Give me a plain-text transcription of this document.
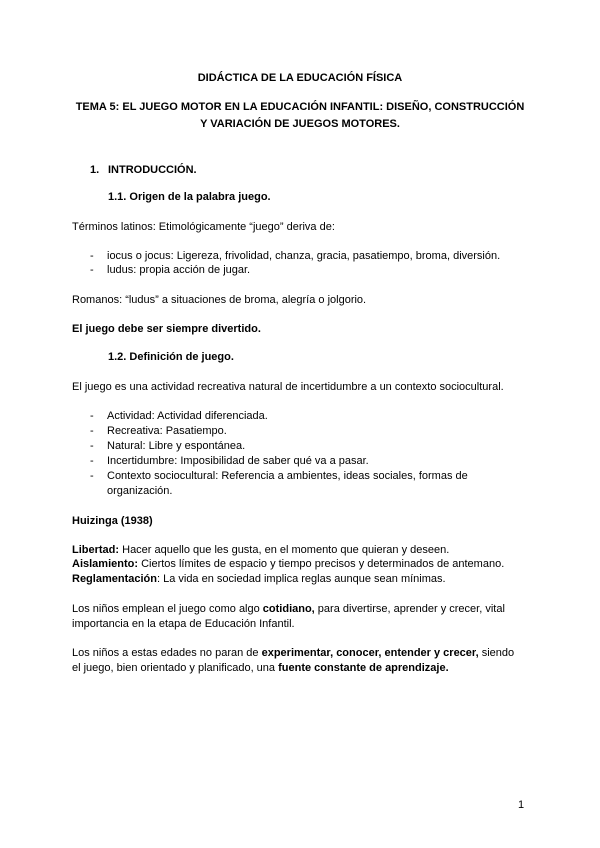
DIDÁCTICA DE LA EDUCACIÓN FÍSICA
TEMA 5: EL JUEGO MOTOR EN LA EDUCACIÓN INFANTIL: DISEÑO, CONSTRUCCIÓN
Y VARIACIÓN DE JUEGOS MOTORES.
1. INTRODUCCIÓN.
1.1. Origen de la palabra juego.
Términos latinos: Etimológicamente “juego” deriva de:
- iocus o jocus: Ligereza, frivolidad, chanza, gracia, pasatiempo, broma, diversión.
- ludus: propia acción de jugar.
Romanos: “ludus” a situaciones de broma, alegría o jolgorio.
El juego debe ser siempre divertido.
1.2. Definición de juego.
El juego es una actividad recreativa natural de incertidumbre a un contexto sociocultural.
- Actividad: Actividad diferenciada.
- Recreativa: Pasatiempo.
- Natural: Libre y espontánea.
- Incertidumbre: Imposibilidad de saber qué va a pasar.
- Contexto sociocultural: Referencia a ambientes, ideas sociales, formas de
organización.
Huizinga (1938)
Libertad: Hacer aquello que les gusta, en el momento que quieran y deseen.
Aislamiento: Ciertos límites de espacio y tiempo precisos y determinados de antemano.
Reglamentación: La vida en sociedad implica reglas aunque sean mínimas.
Los niños emplean el juego como algo cotidiano, para divertirse, aprender y crecer, vital
importancia en la etapa de Educación Infantil.
Los niños a estas edades no paran de experimentar, conocer, entender y crecer, siendo
el juego, bien orientado y planificado, una fuente constante de aprendizaje.
1
